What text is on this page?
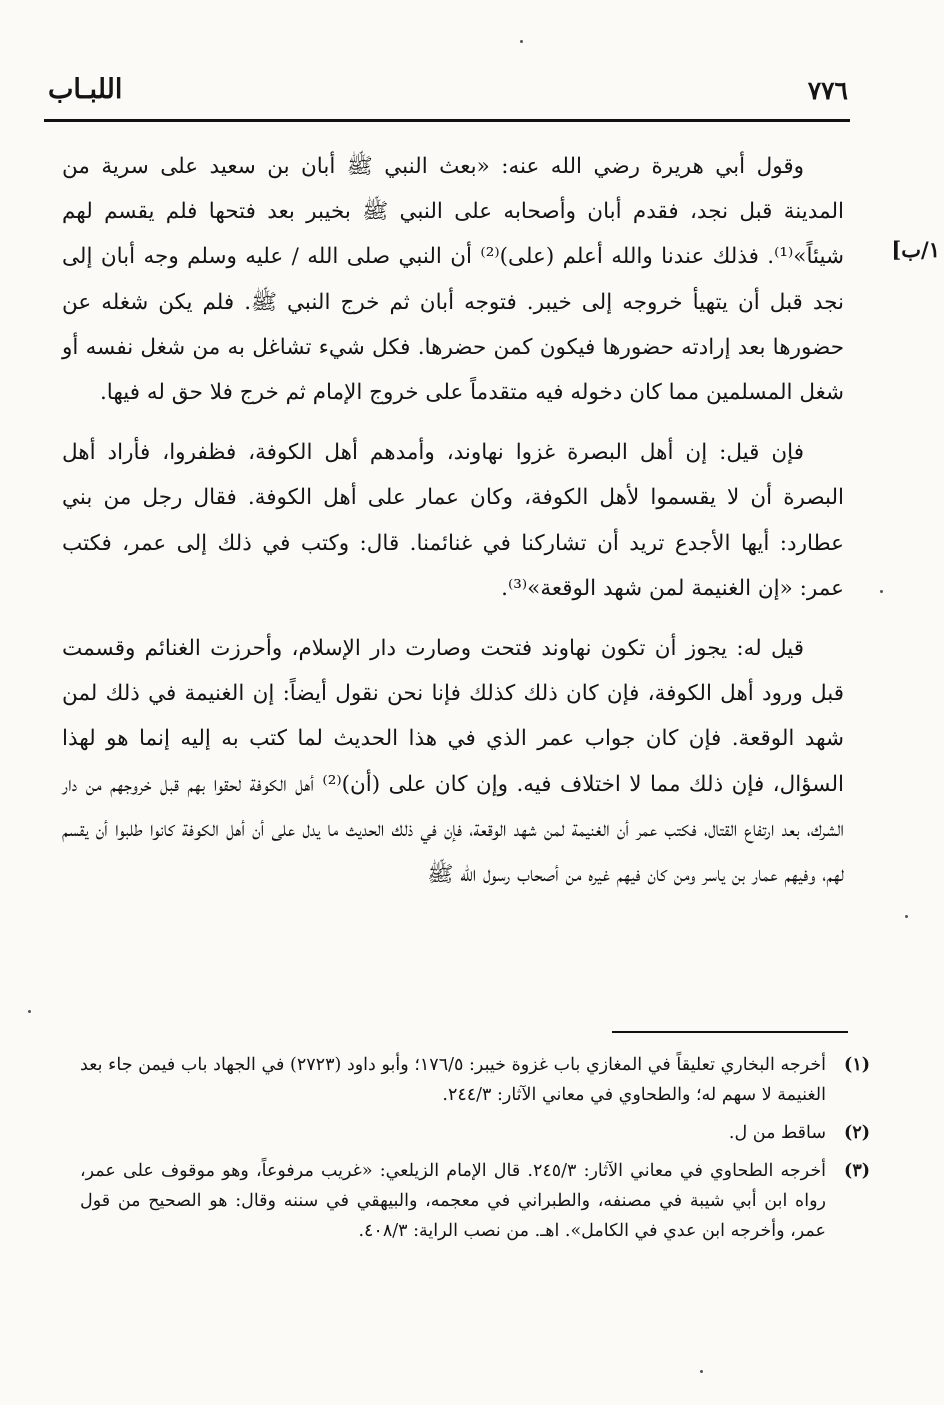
٧٧٦
اللبـاب
١/ب]

وقول أبي هريرة رضي الله عنه: «بعث النبي ﷺ أبان بن سعيد على سرية من المدينة قبل نجد، فقدم أبان وأصحابه على النبي ﷺ بخيبر بعد فتحها فلم يقسم لهم شيئاً»⁽¹⁾. فذلك عندنا والله أعلم (على)⁽²⁾ أن النبي صلى الله / عليه وسلم وجه أبان إلى نجد قبل أن يتهيأ خروجه إلى خيبر. فتوجه أبان ثم خرج النبي ﷺ. فلم يكن شغله عن حضورها بعد إرادته حضورها فيكون كمن حضرها. فكل شيء تشاغل به من شغل نفسه أو شغل المسلمين مما كان دخوله فيه متقدماً على خروج الإمام ثم خرج فلا حق له فيها.

فإن قيل: إن أهل البصرة غزوا نهاوند، وأمدهم أهل الكوفة، فظفروا، فأراد أهل البصرة أن لا يقسموا لأهل الكوفة، وكان عمار على أهل الكوفة. فقال رجل من بني عطارد: أيها الأجدع تريد أن تشاركنا في غنائمنا. قال: وكتب في ذلك إلى عمر، فكتب عمر: «إن الغنيمة لمن شهد الوقعة»⁽³⁾.

قيل له: يجوز أن تكون نهاوند فتحت وصارت دار الإسلام، وأحرزت الغنائم وقسمت قبل ورود أهل الكوفة، فإن كان ذلك كذلك فإنا نحن نقول أيضاً: إن الغنيمة في ذلك لمن شهد الوقعة. فإن كان جواب عمر الذي في هذا الحديث لما كتب به إليه إنما هو لهذا السؤال، فإن ذلك مما لا اختلاف فيه. وإن كان على (أن)⁽²⁾ أهل الكوفة لحقوا بهم قبل خروجهم من دار الشرك، بعد ارتفاع القتال، فكتب عمر أن الغنيمة لمن شهد الوقعة، فإن في ذلك الحديث ما يدل على أن أهل الكوفة كانوا طلبوا أن يقسم لهم، وفيهم عمار بن ياسر ومن كان فيهم غيره من أصحاب رسول الله ﷺ

(١)
أخرجه البخاري تعليقاً في المغازي باب غزوة خيبر: ١٧٦/٥؛ وأبو داود (٢٧٢٣) في الجهاد باب فيمن جاء بعد الغنيمة لا سهم له؛ والطحاوي في معاني الآثار: ٢٤٤/٣.
(٢)
ساقط من ل.
(٣)
أخرجه الطحاوي في معاني الآثار: ٢٤٥/٣. قال الإمام الزيلعي: «غريب مرفوعاً، وهو موقوف على عمر، رواه ابن أبي شيبة في مصنفه، والطبراني في معجمه، والبيهقي في سننه وقال: هو الصحيح من قول عمر، وأخرجه ابن عدي في الكامل». اهـ. من نصب الراية: ٤٠٨/٣.
